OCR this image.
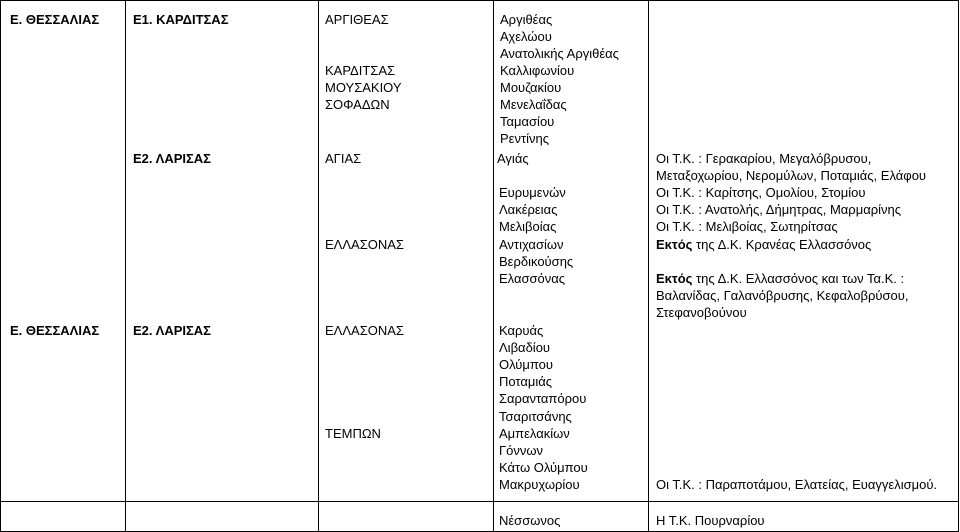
Ε. ΘΕΣΣΑΛΙΑΣ	Ε1. ΚΑΡΔΙΤΣΑΣ
Ε. ΘΕΣΣΑΛΙΑΣ	Ε2. ΛΑΡΙΣΑΣ
Ε2. ΛΑΡΙΣΑΣ
ΑΡΓΙΘΕΑΣ
ΚΑΡΔΙΤΣΑΣ
ΜΟΥΣΑΚΙΟΥ
ΣΟΦΑΔΩΝ
ΑΓΙΑΣ
ΕΛΛΑΣΟΝΑΣ
ΕΛΛΑΣΟΝΑΣ
ΤΕΜΠΩΝ
Αργιθέας
Αχελώου
Ανατολικής Αργιθέας
Καλλιφωνίου
Μουζακίου
Μενελαΐδας
Ταμασίου
Ρεντίνης
Αγιάς
Ευρυμενών
Λακέρειας
Μελιβοίας
Αντιχασίων
Βερδικούσης
Ελασσόνας
Καρυάς
Λιβαδίου
Ολύμπου
Ποταμιάς
Σαρανταπόρου
Τσαριτσάνης
Αμπελακίων
Γόννων
Κάτω Ολύμπου
Μακρυχωρίου
Νέσσωνος
Οι Τ.Κ. : Γερακαρίου, Μεγαλόβρυσου,
Μεταξοχωρίου, Νερομύλων, Ποταμιάς, Ελάφου
Οι Τ.Κ. : Καρίτσης, Ομολίου, Στομίου
Οι Τ.Κ. : Ανατολής, Δήμητρας, Μαρμαρίνης
Οι Τ.Κ. : Μελιβοίας, Σωτηρίτσας
Εκτός της Δ.Κ. Κρανέας Ελλασσόνος
Εκτός της Δ.Κ. Ελλασσόνος και των Τα.Κ. :
Βαλανίδας, Γαλανόβρυσης, Κεφαλοβρύσου,
Στεφανοβούνου
Οι Τ.Κ. : Παραποτάμου, Ελατείας, Ευαγγελισμού.
Η Τ.Κ. Πουρναρίου
